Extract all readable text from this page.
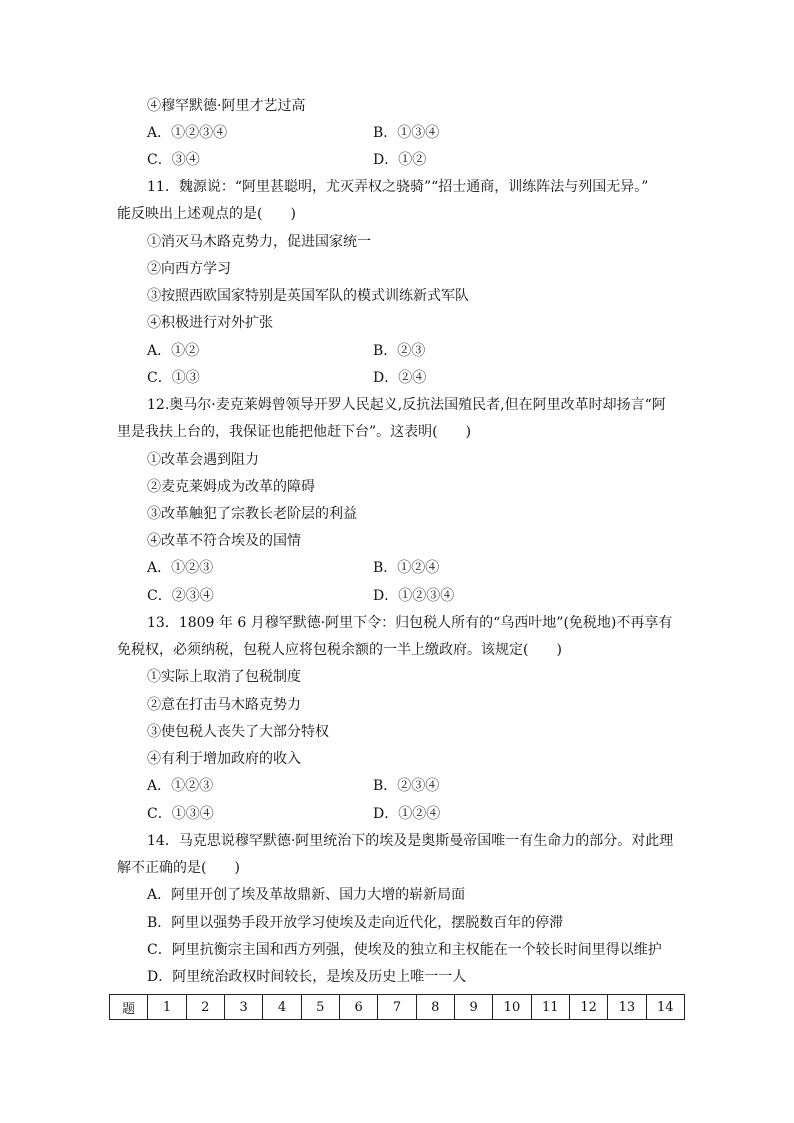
④穆罕默德·阿里才艺过高
A．①②③④	B．①③④
C．③④	D．①②
11．魏源说：“阿里甚聪明，尤灭弄权之骁骑”“招士通商，训练阵法与列国无异。”
能反映出上述观点的是(　　)
①消灭马木路克势力，促进国家统一
②向西方学习
③按照西欧国家特别是英国军队的模式训练新式军队
④积极进行对外扩张
A．①②	B．②③
C．①③	D．②④
12.奥马尔·麦克莱姆曾领导开罗人民起义,反抗法国殖民者,但在阿里改革时却扬言“阿
里是我扶上台的，我保证也能把他赶下台”。这表明(　　)
①改革会遇到阻力
②麦克莱姆成为改革的障碍
③改革触犯了宗教长老阶层的利益
④改革不符合埃及的国情
A．①②③	B．①②④
C．②③④	D．①②③④
13．1809 年 6 月穆罕默德·阿里下令：归包税人所有的“乌西叶地”(免税地)不再享有
免税权，必须纳税，包税人应将包税余额的一半上缴政府。该规定(　　)
①实际上取消了包税制度
②意在打击马木路克势力
③使包税人丧失了大部分特权
④有利于增加政府的收入
A．①②③	B．②③④
C．①③④	D．①②④
14．马克思说穆罕默德·阿里统治下的埃及是奥斯曼帝国唯一有生命力的部分。对此理
解不正确的是(　　)
A．阿里开创了埃及革故鼎新、国力大增的崭新局面
B．阿里以强势手段开放学习使埃及走向近代化，摆脱数百年的停滞
C．阿里抗衡宗主国和西方列强，使埃及的独立和主权能在一个较长时间里得以维护
D．阿里统治政权时间较长，是埃及历史上唯一一人
题	1	2	3	4	5	6	7	8	9	10	11	12	13	14
